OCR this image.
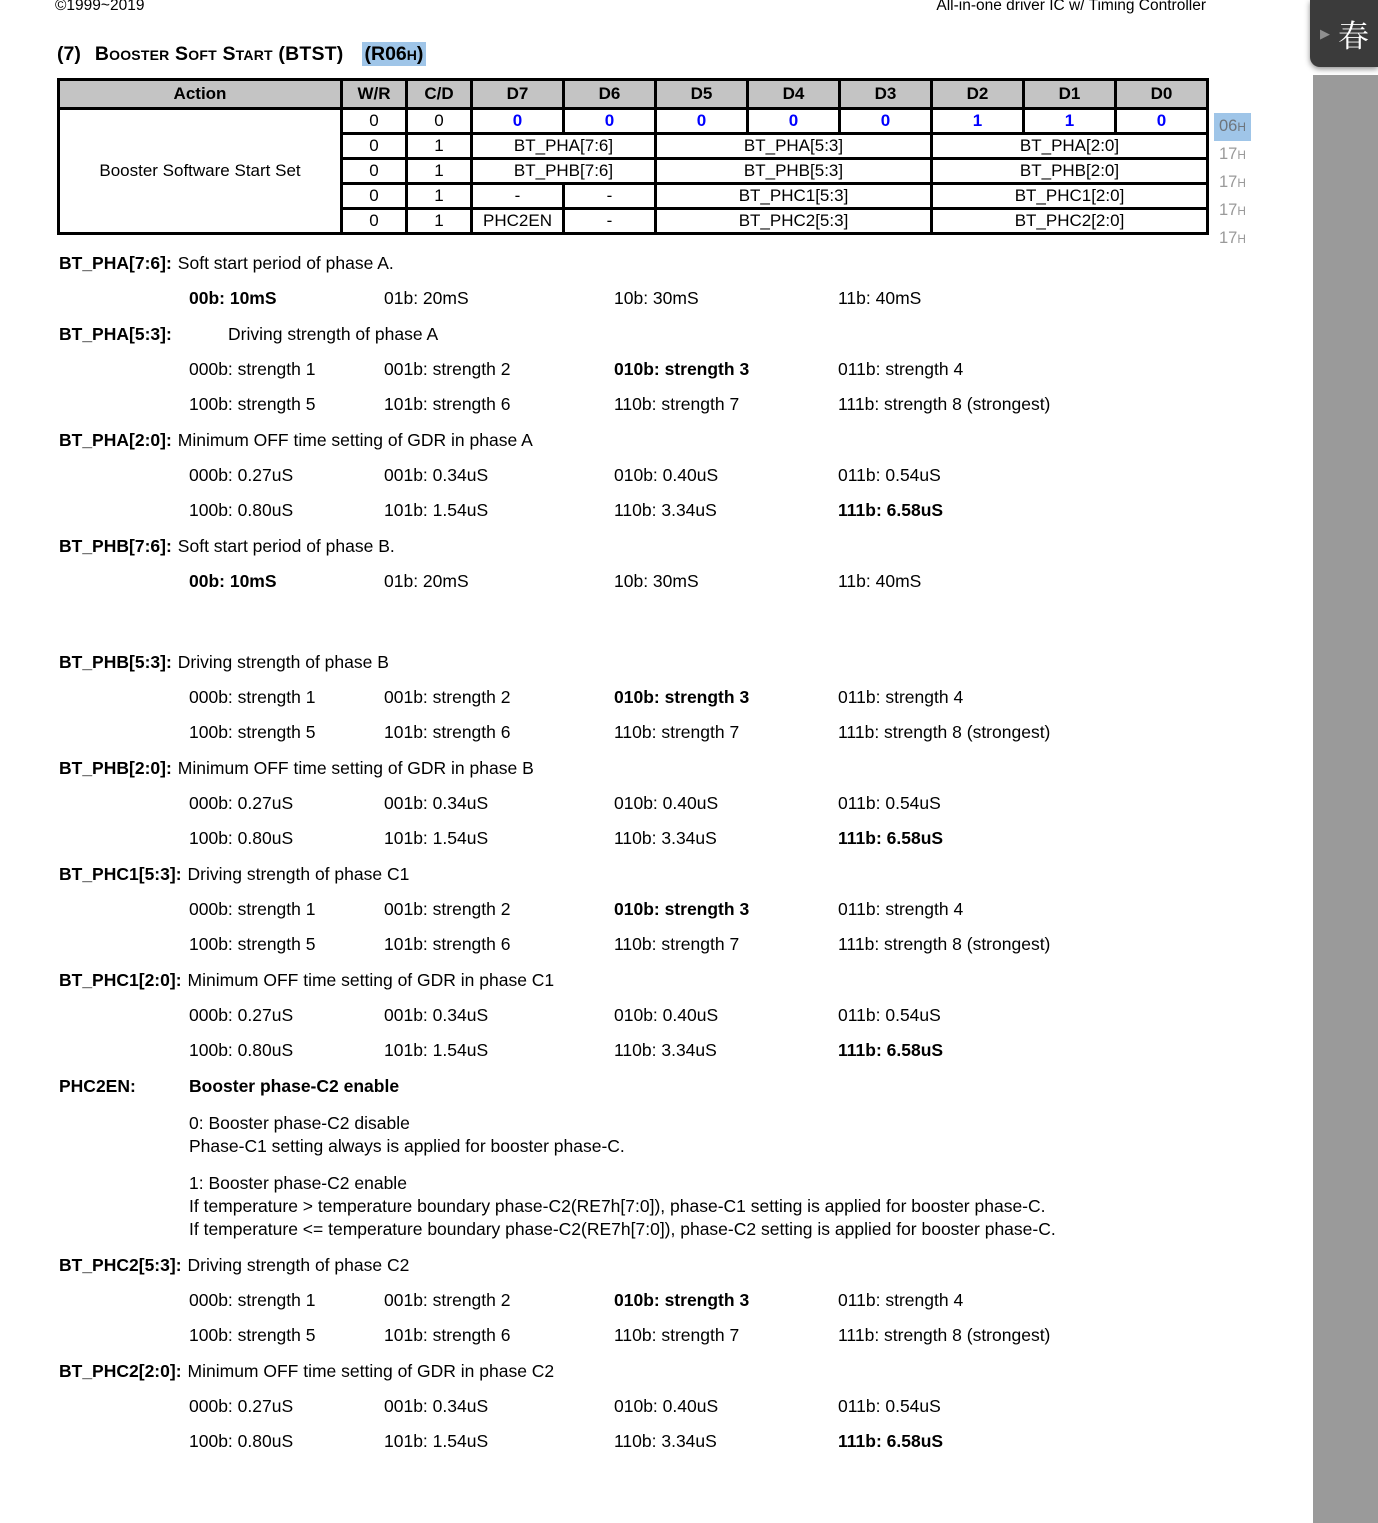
©1999~2019	All-in-one driver IC w/ Timing Controller
(7) Booster Soft Start (BTST) (R06H)
Action	W/R	C/D	D7	D6	D5	D4	D3	D2	D1	D0
Booster Software Start Set	0	0	0	0	0	0	0	1	1	0
	0	1	BT_PHA[7:6]		BT_PHA[5:3]			BT_PHA[2:0]		
	0	1	BT_PHB[7:6]		BT_PHB[5:3]			BT_PHB[2:0]		
	0	1	-	-	BT_PHC1[5:3]			BT_PHC1[2:0]		
	0	1	PHC2EN	-	BT_PHC2[5:3]			BT_PHC2[2:0]		
06H
17H
17H
17H
17H
BT_PHA[7:6]: Soft start period of phase A.
00b: 10mS	01b: 20mS	10b: 30mS	11b: 40mS
BT_PHA[5:3]:	Driving strength of phase A
000b: strength 1	001b: strength 2	010b: strength 3	011b: strength 4
100b: strength 5	101b: strength 6	110b: strength 7	111b: strength 8 (strongest)
BT_PHA[2:0]: Minimum OFF time setting of GDR in phase A
000b: 0.27uS	001b: 0.34uS	010b: 0.40uS	011b: 0.54uS
100b: 0.80uS	101b: 1.54uS	110b: 3.34uS	111b: 6.58uS
BT_PHB[7:6]: Soft start period of phase B.
00b: 10mS	01b: 20mS	10b: 30mS	11b: 40mS
BT_PHB[5:3]: Driving strength of phase B
000b: strength 1	001b: strength 2	010b: strength 3	011b: strength 4
100b: strength 5	101b: strength 6	110b: strength 7	111b: strength 8 (strongest)
BT_PHB[2:0]: Minimum OFF time setting of GDR in phase B
000b: 0.27uS	001b: 0.34uS	010b: 0.40uS	011b: 0.54uS
100b: 0.80uS	101b: 1.54uS	110b: 3.34uS	111b: 6.58uS
BT_PHC1[5:3]: Driving strength of phase C1
000b: strength 1	001b: strength 2	010b: strength 3	011b: strength 4
100b: strength 5	101b: strength 6	110b: strength 7	111b: strength 8 (strongest)
BT_PHC1[2:0]: Minimum OFF time setting of GDR in phase C1
000b: 0.27uS	001b: 0.34uS	010b: 0.40uS	011b: 0.54uS
100b: 0.80uS	101b: 1.54uS	110b: 3.34uS	111b: 6.58uS
PHC2EN:	Booster phase-C2 enable
0: Booster phase-C2 disable
Phase-C1 setting always is applied for booster phase-C.
1: Booster phase-C2 enable
If temperature > temperature boundary phase-C2(RE7h[7:0]), phase-C1 setting is applied for booster phase-C.
If temperature <= temperature boundary phase-C2(RE7h[7:0]), phase-C2 setting is applied for booster phase-C.
BT_PHC2[5:3]: Driving strength of phase C2
000b: strength 1	001b: strength 2	010b: strength 3	011b: strength 4
100b: strength 5	101b: strength 6	110b: strength 7	111b: strength 8 (strongest)
BT_PHC2[2:0]: Minimum OFF time setting of GDR in phase C2
000b: 0.27uS	001b: 0.34uS	010b: 0.40uS	011b: 0.54uS
100b: 0.80uS	101b: 1.54uS	110b: 3.34uS	111b: 6.58uS
▶ 春
